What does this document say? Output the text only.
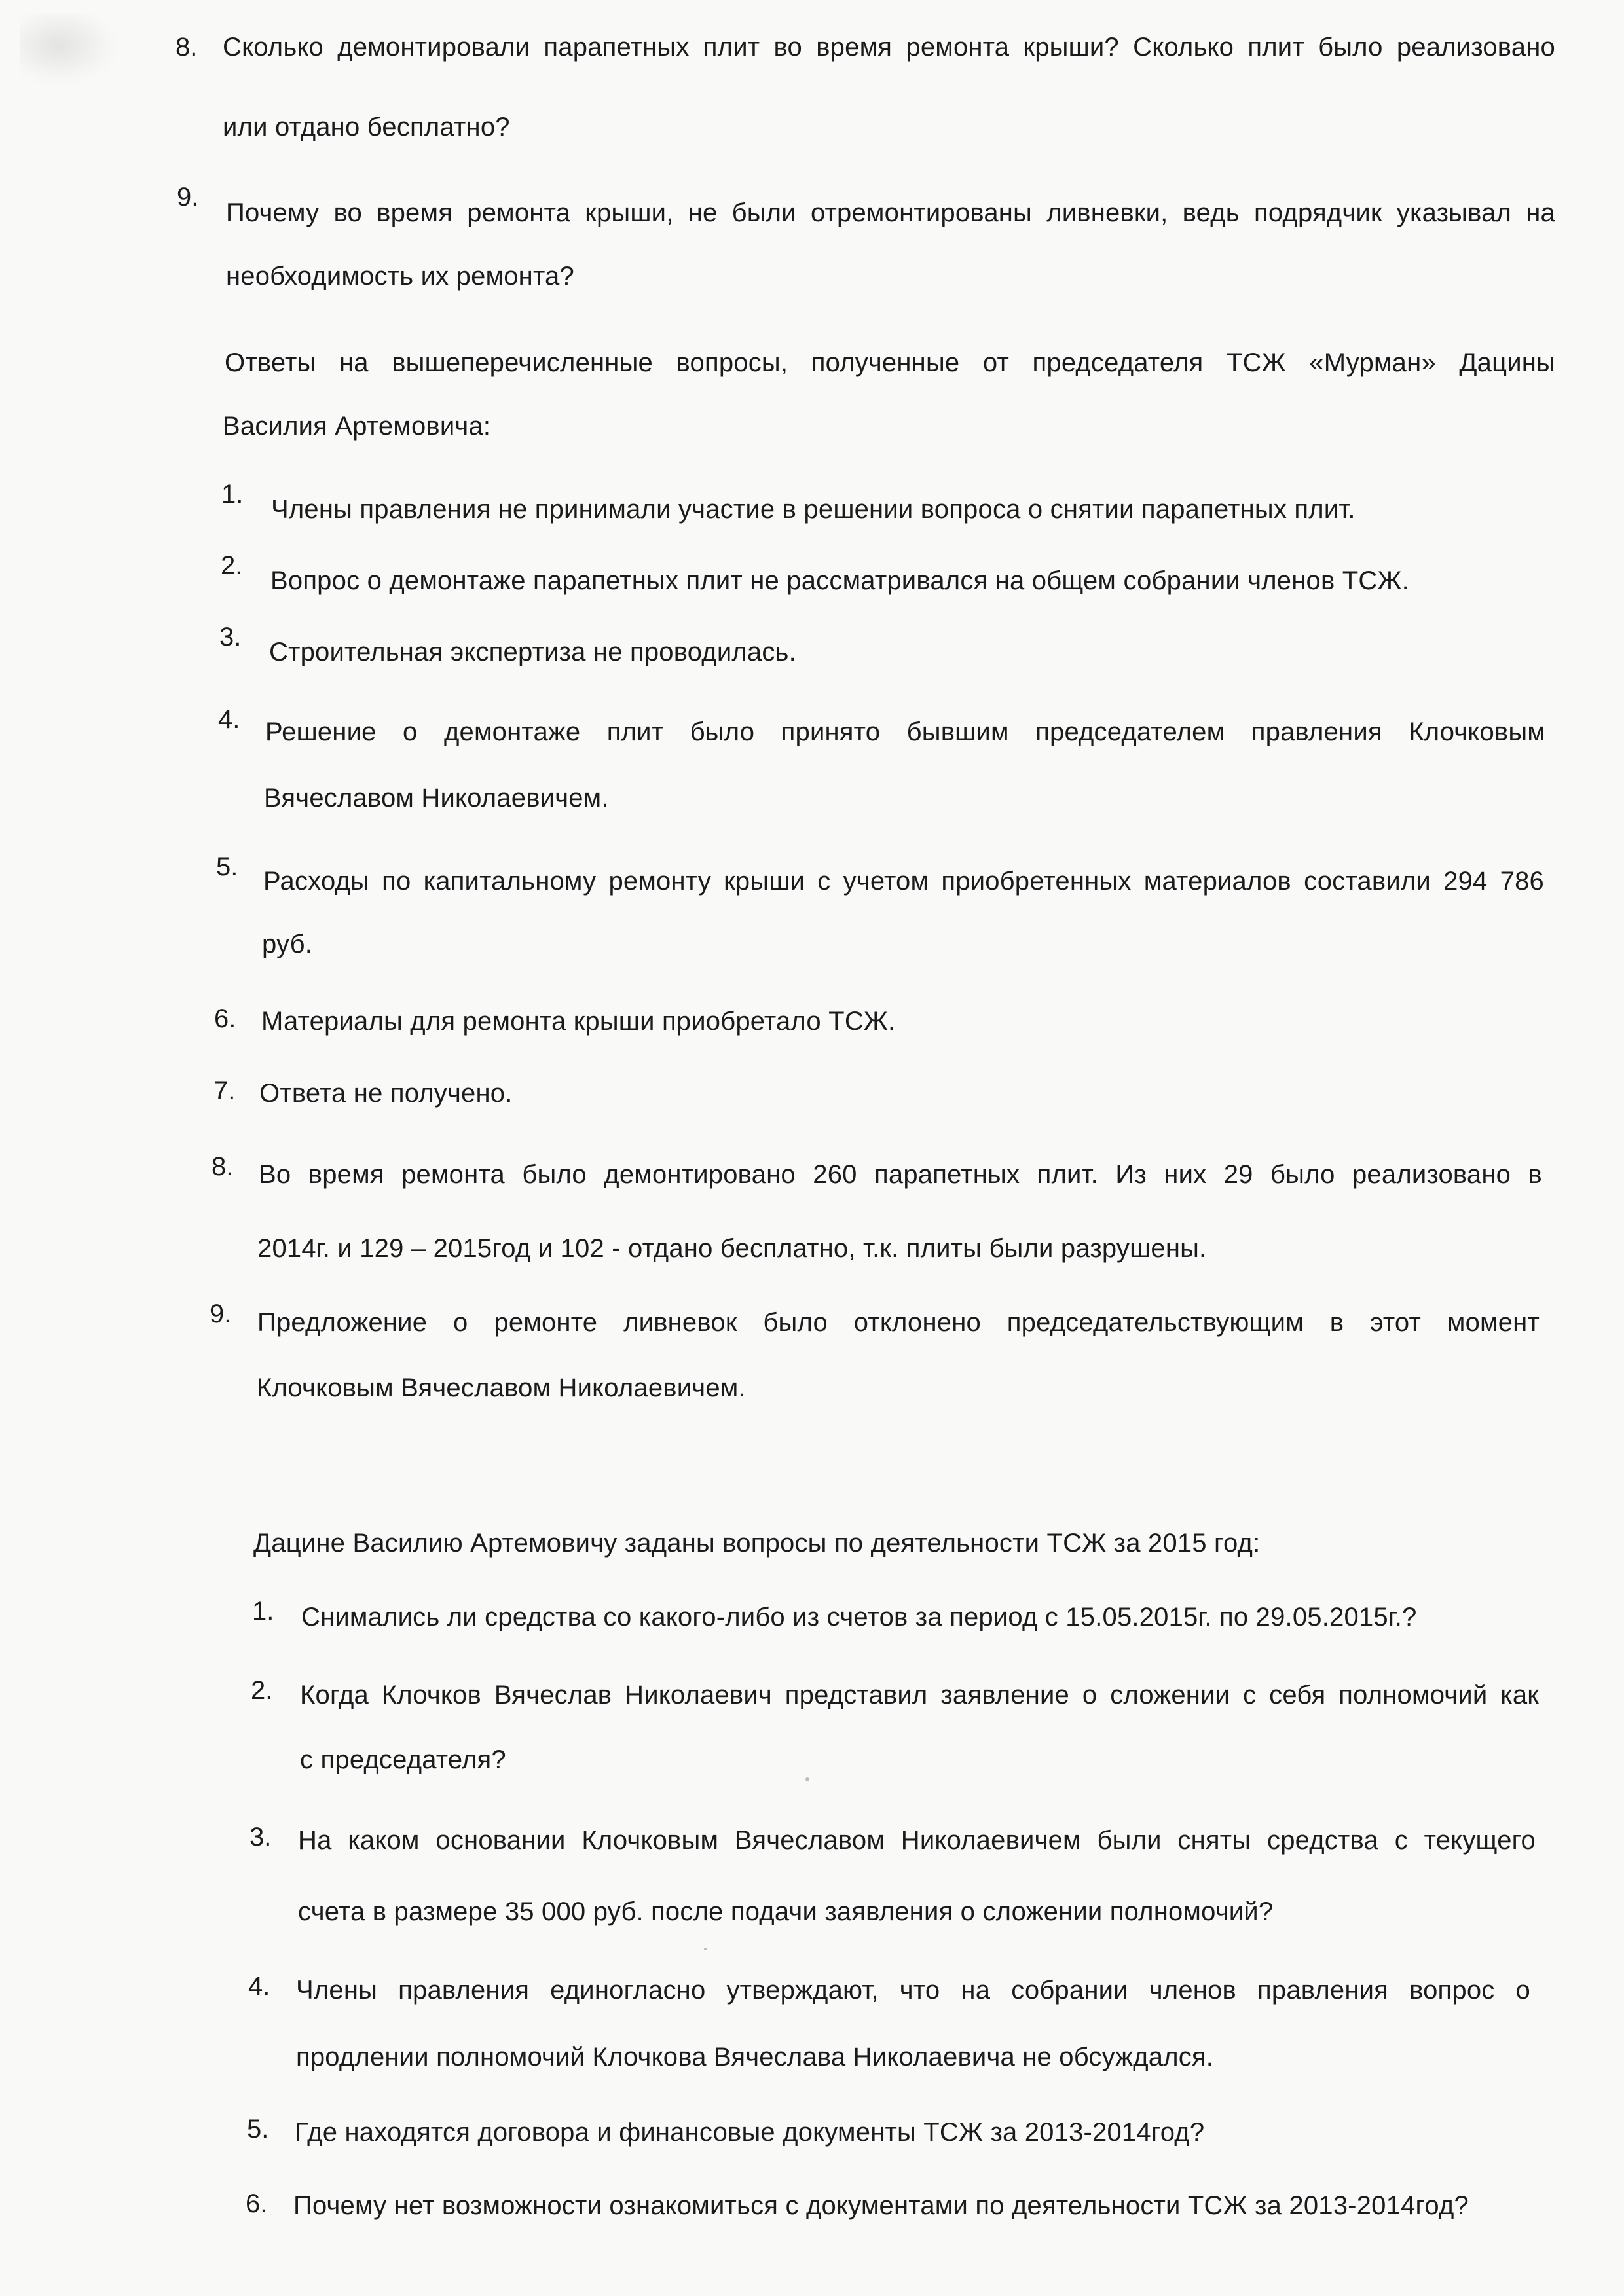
8. Сколько демонтировали парапетных плит во время ремонта крыши? Сколько плит было реализовано
или отдано бесплатно?
9.
Почему во время ремонта крыши, не были отремонтированы ливневки, ведь подрядчик указывал на
необходимость их ремонта?
Ответы на вышеперечисленные вопросы, полученные от председателя ТСЖ «Мурман» Дацины
Василия Артемовича:
1.
Члены правления не принимали участие в решении вопроса о снятии парапетных плит.
2.
Вопрос о демонтаже парапетных плит не рассматривался на общем собрании членов ТСЖ.
3.
Строительная экспертиза не проводилась.
4. Решение о демонтаже плит было принято бывшим председателем правления Клочковым
Вячеславом Николаевичем.
5. Расходы по капитальному ремонту крыши с учетом приобретенных материалов составили 294 786
руб.
6. Материалы для ремонта крыши приобретало ТСЖ.
7. Ответа не получено.
8. Во время ремонта было демонтировано 260 парапетных плит. Из них 29 было реализовано в
2014г. и 129 – 2015год и 102 - отдано бесплатно, т.к. плиты были разрушены.
9. Предложение о ремонте ливневок было отклонено председательствующим в этот момент
Клочковым Вячеславом Николаевичем.
Дацине Василию Артемовичу заданы вопросы по деятельности ТСЖ за 2015 год:
1. Снимались ли средства со какого-либо из счетов за период с 15.05.2015г. по 29.05.2015г.?
2. Когда Клочков Вячеслав Николаевич представил заявление о сложении с себя полномочий как
с председателя?
3. На каком основании Клочковым Вячеславом Николаевичем были сняты средства с текущего
счета в размере 35 000 руб. после подачи заявления о сложении полномочий?
4. Члены правления единогласно утверждают, что на собрании членов правления вопрос о
продлении полномочий Клочкова Вячеслава Николаевича не обсуждался.
5. Где находятся договора и финансовые документы ТСЖ за 2013-2014год?
6. Почему нет возможности ознакомиться с документами по деятельности ТСЖ за 2013-2014год?
